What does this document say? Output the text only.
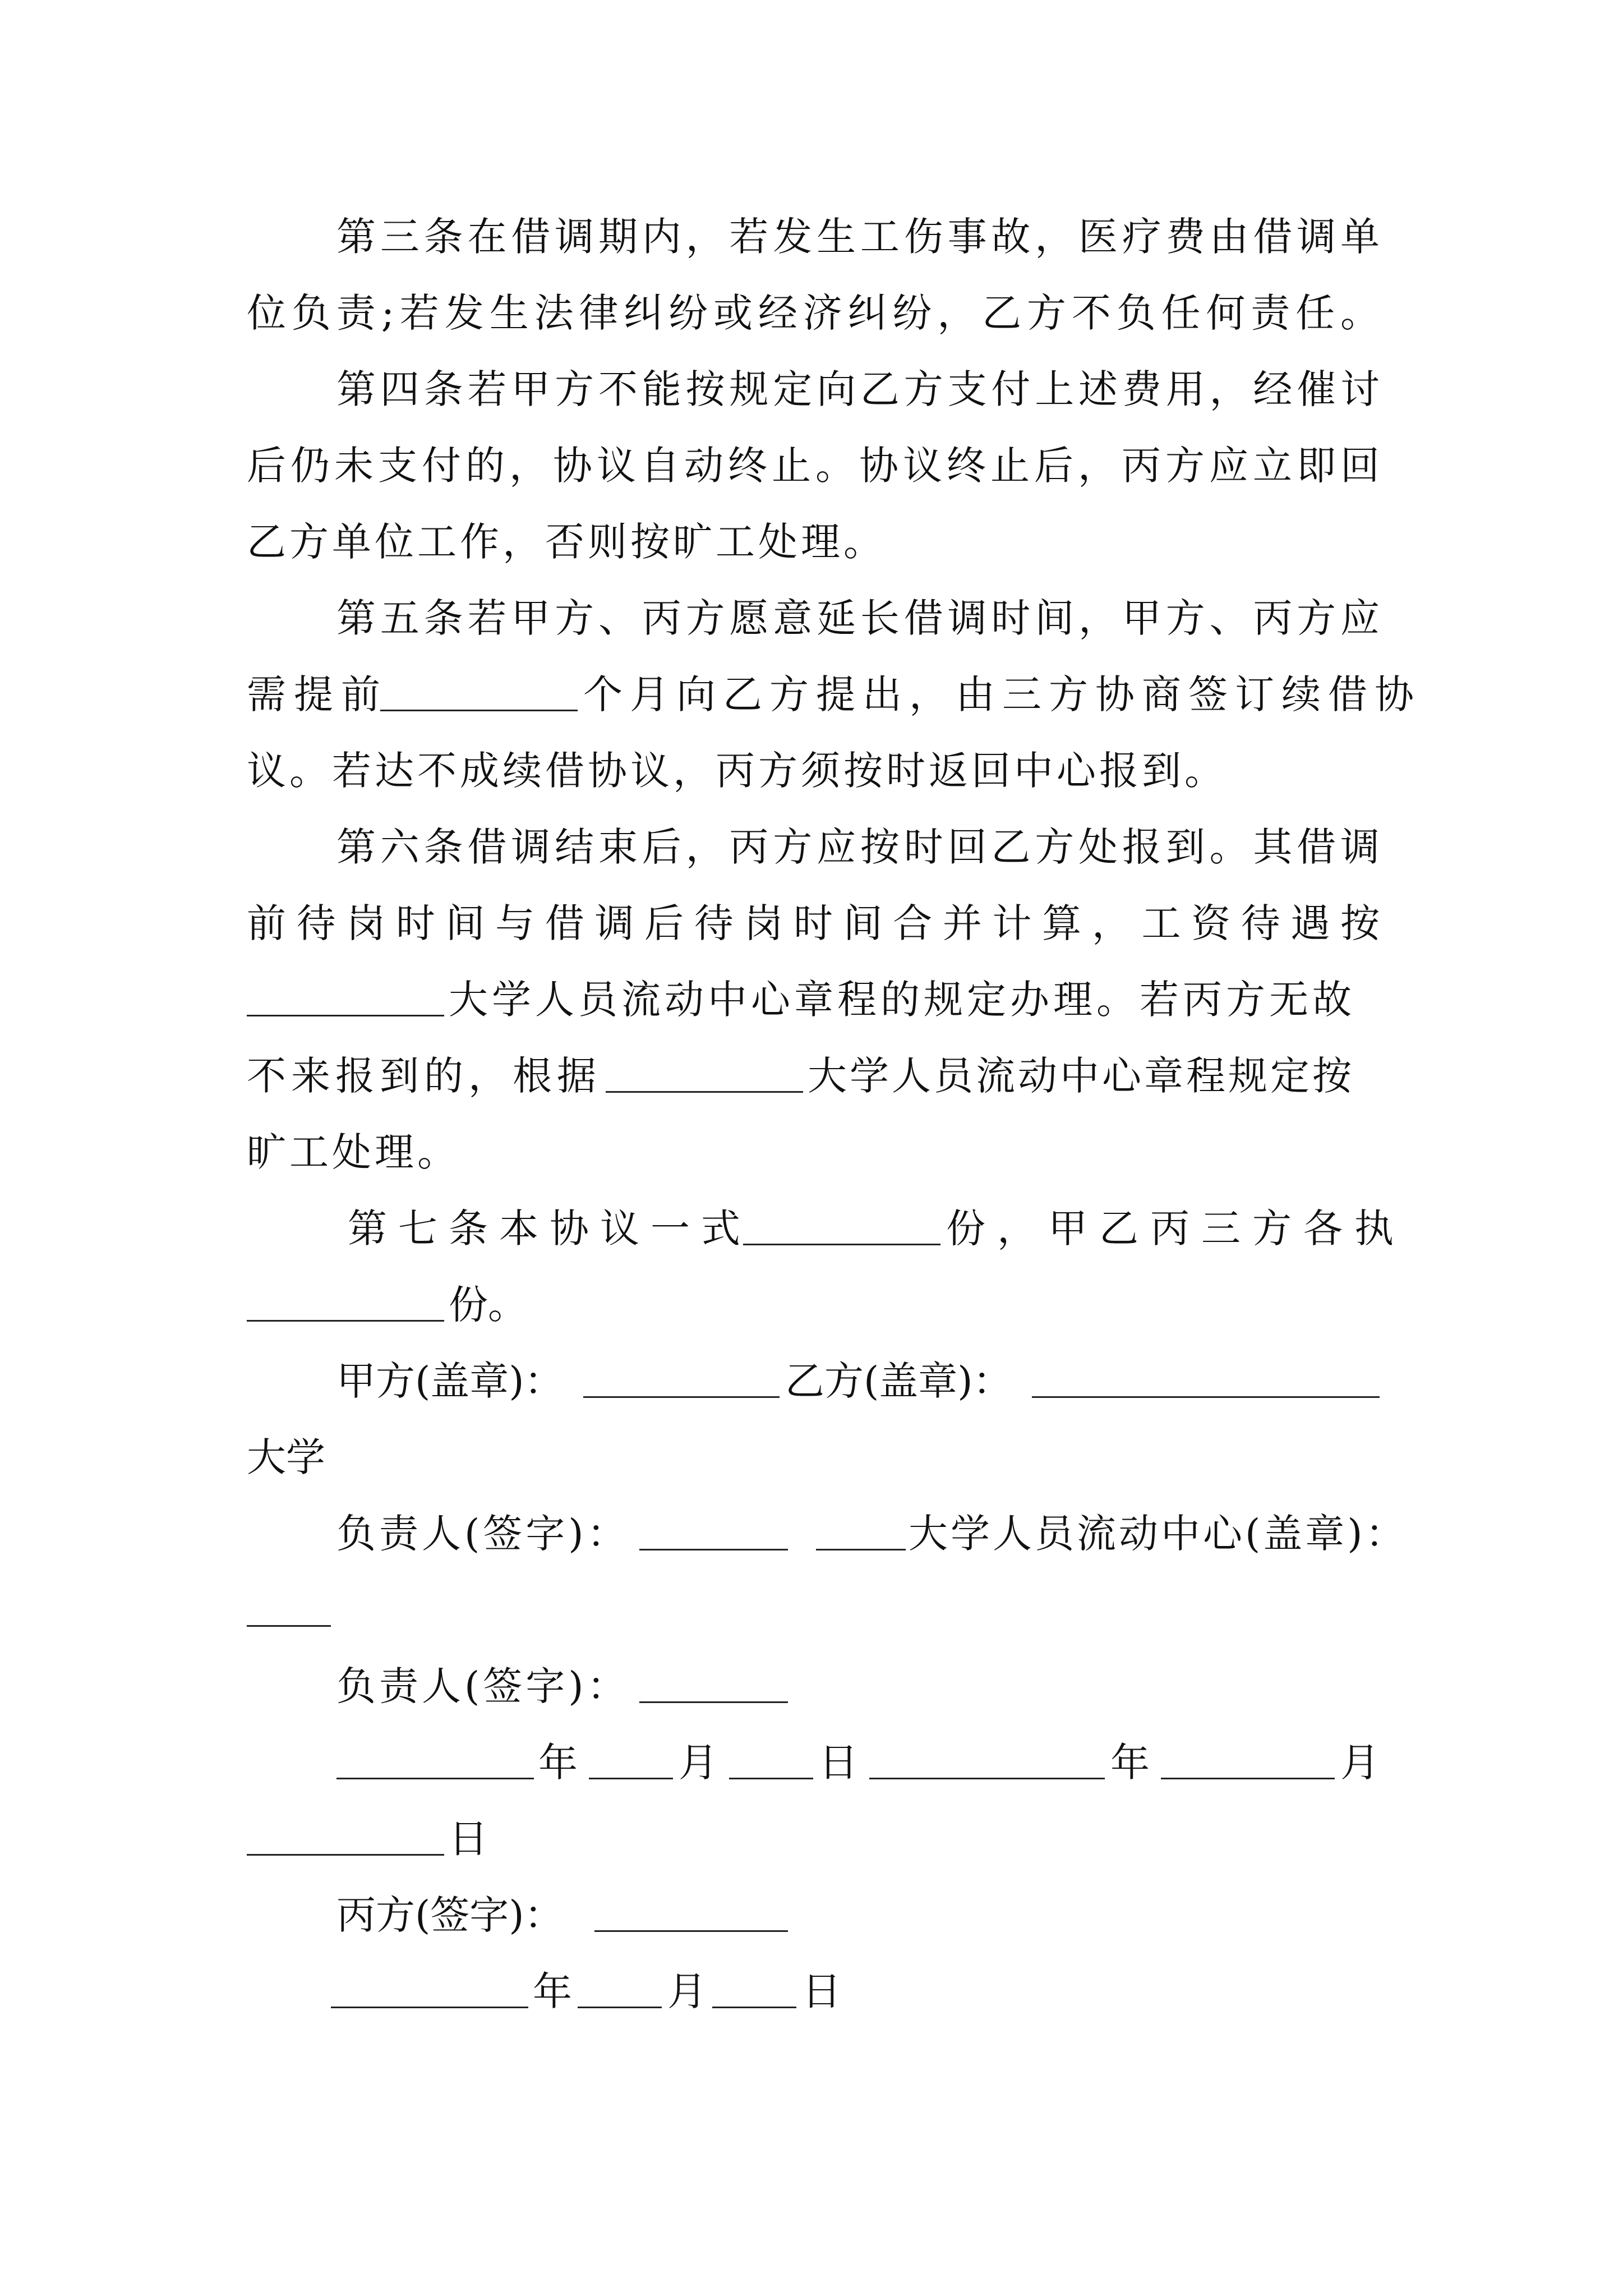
第三条在借调期内，若发生工伤事故，医疗费由借调单
位负责;若发生法律纠纷或经济纠纷，乙方不负任何责任。
第四条若甲方不能按规定向乙方支付上述费用，经催讨
后仍未支付的，协议自动终止。协议终止后，丙方应立即回
乙方单位工作，否则按旷工处理。
第五条若甲方、丙方愿意延长借调时间，甲方、丙方应
需提前	个月向乙方提出，由三方协商签订续借协
议。若达不成续借协议，丙方须按时返回中心报到。
第六条借调结束后，丙方应按时回乙方处报到。其借调
前待岗时间与借调后待岗时间合并计算，工资待遇按
大学人员流动中心章程的规定办理。若丙方无故
不来报到的，根据	大学人员流动中心章程规定按
旷工处理。
第七条本协议一式	份，甲乙丙三方各执
份。
甲方(盖章)：	乙方(盖章)：
大学
负责人(签字)：	大学人员流动中心(盖章)：
负责人(签字)：
年	月	日	年	月
日
丙方(签字)：
年 月 日
